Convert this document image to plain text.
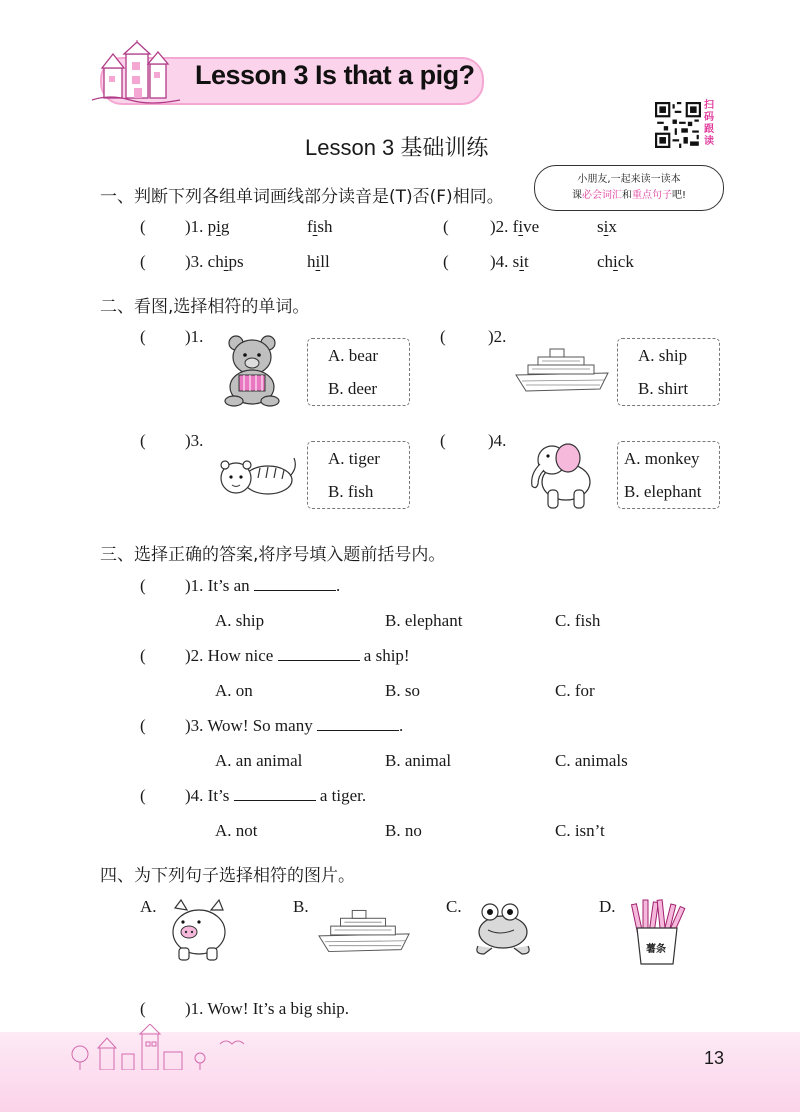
Lesson 3 Is that a pig?
Lesson 3 基础训练
扫码跟读
小朋友,一起来读一读本
课必会词汇和重点句子吧!
一、判断下列各组单词画线部分读音是(T)否(F)相同。
( )1. pig	fish	( )2. five	six
( )3. chips	hill	( )4. sit	chick
二、看图,选择相符的单词。
( )1.
A. bear
B. deer
( )2.
A. ship
B. shirt
( )3.
A. tiger
B. fish
( )4.
A. monkey
B. elephant
三、选择正确的答案,将序号填入题前括号内。
( )1. It’s an	.
A. ship	B. elephant	C. fish
( )2. How nice	a ship!
A. on	B. so	C. for
( )3. Wow! So many	.
A. an animal	B. animal	C. animals
( )4. It’s	a tiger.
A. not	B. no	C. isn’t
四、为下列句子选择相符的图片。
A.	B.	C.	D.
薯条
( )1. Wow! It’s a big ship.
13
